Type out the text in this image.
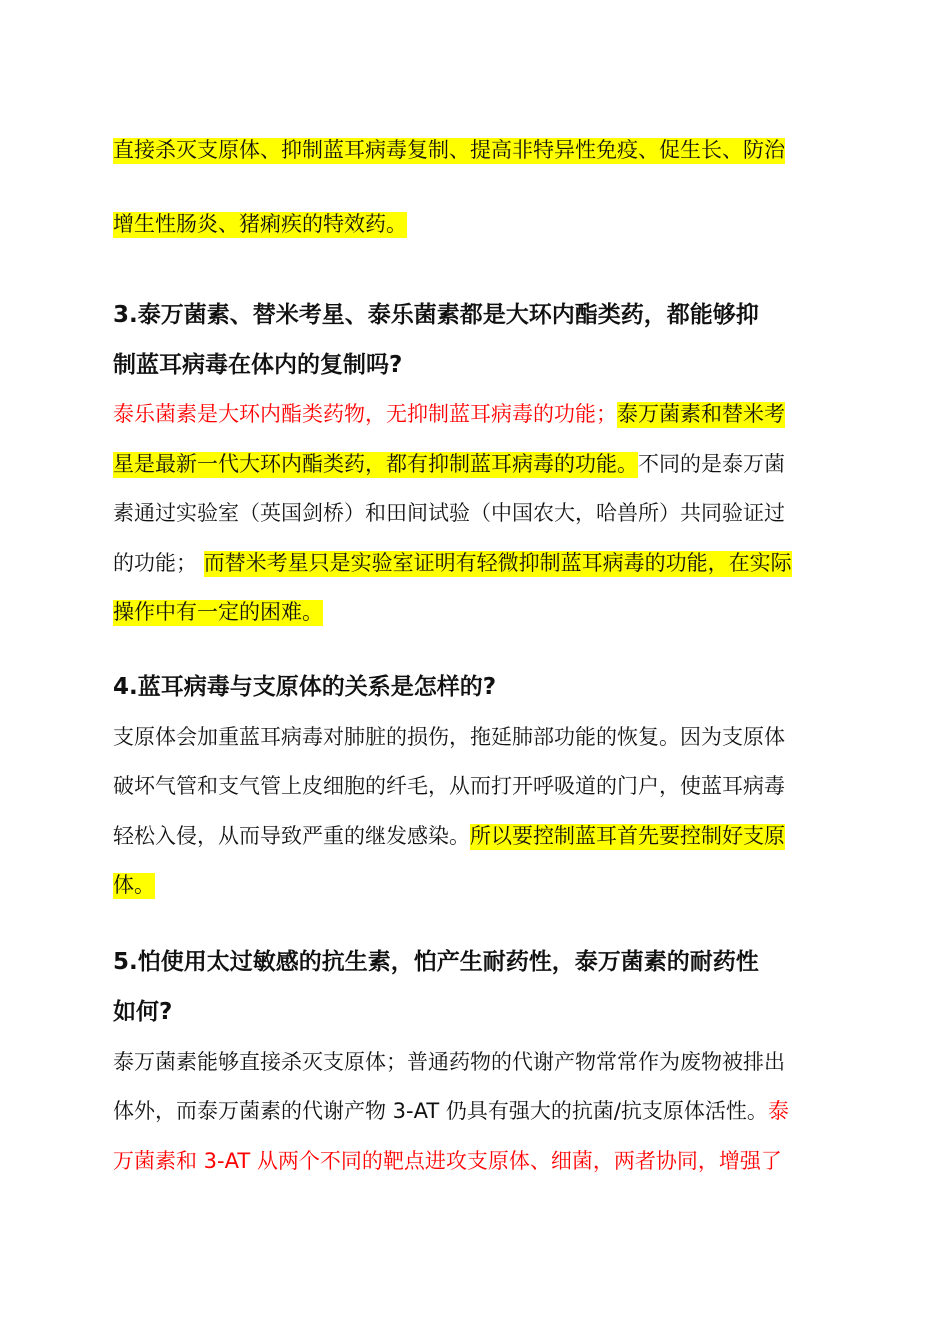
直接杀灭支原体、抑制蓝耳病毒复制、提高非特异性免疫、促生长、防治
增生性肠炎、猪痢疾的特效药。
3.泰万菌素、替米考星、泰乐菌素都是大环内酯类药，都能够抑
制蓝耳病毒在体内的复制吗?
泰乐菌素是大环内酯类药物，无抑制蓝耳病毒的功能；泰万菌素和替米考
星是最新一代大环内酯类药，都有抑制蓝耳病毒的功能。不同的是泰万菌
素通过实验室（英国剑桥）和田间试验（中国农大，哈兽所）共同验证过
的功能； 而替米考星只是实验室证明有轻微抑制蓝耳病毒的功能，在实际
操作中有一定的困难。
4.蓝耳病毒与支原体的关系是怎样的?
支原体会加重蓝耳病毒对肺脏的损伤，拖延肺部功能的恢复。因为支原体
破坏气管和支气管上皮细胞的纤毛，从而打开呼吸道的门户，使蓝耳病毒
轻松入侵，从而导致严重的继发感染。所以要控制蓝耳首先要控制好支原
体。
5.怕使用太过敏感的抗生素，怕产生耐药性，泰万菌素的耐药性
如何?
泰万菌素能够直接杀灭支原体；普通药物的代谢产物常常作为废物被排出
体外，而泰万菌素的代谢产物 3-AT 仍具有强大的抗菌/抗支原体活性。泰
万菌素和 3-AT 从两个不同的靶点进攻支原体、细菌，两者协同，增强了
